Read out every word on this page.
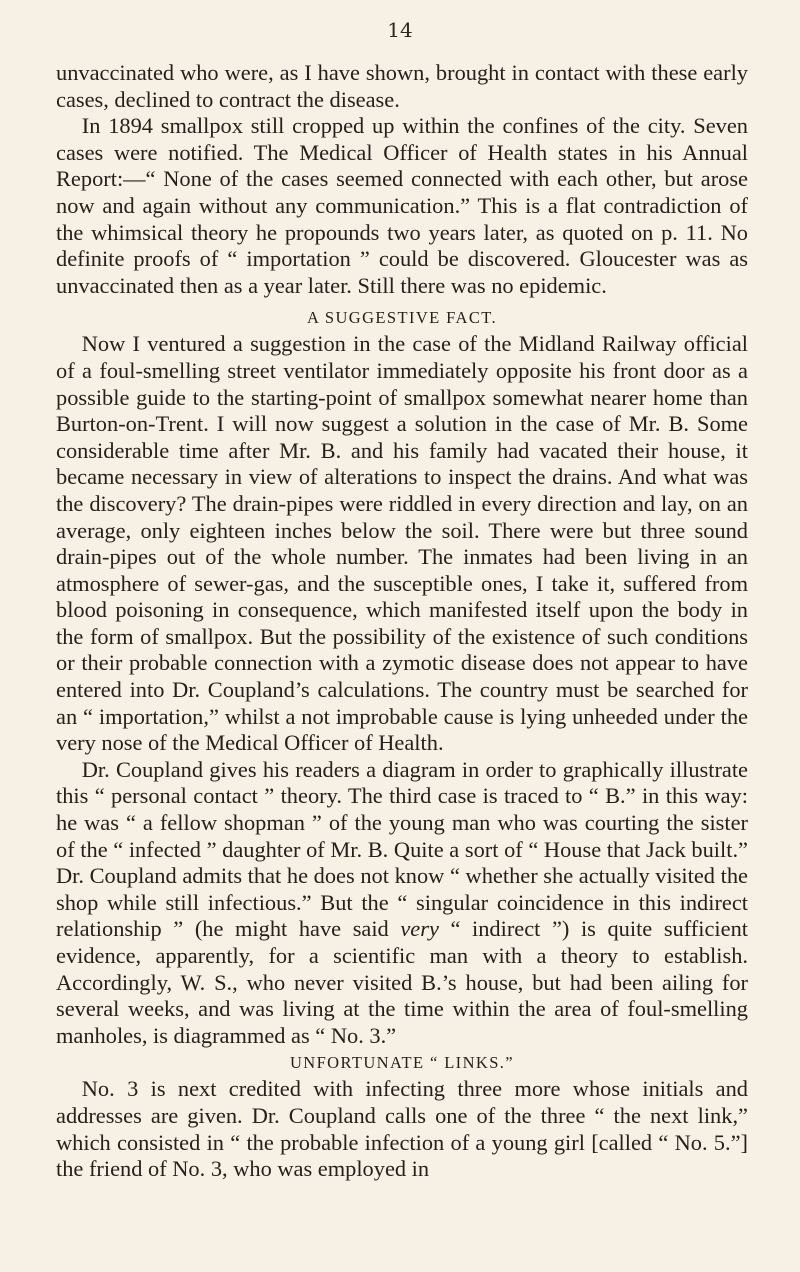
14

unvaccinated who were, as I have shown, brought in contact with these early cases, declined to contract the disease.

In 1894 smallpox still cropped up within the confines of the city. Seven cases were notified. The Medical Officer of Health states in his Annual Report:—“ None of the cases seemed connected with each other, but arose now and again without any communication.” This is a flat contradiction of the whimsical theory he propounds two years later, as quoted on p. 11. No definite proofs of “ importation ” could be discovered. Gloucester was as unvaccinated then as a year later. Still there was no epidemic.

A SUGGESTIVE FACT.

Now I ventured a suggestion in the case of the Midland Railway official of a foul-smelling street ventilator immediately opposite his front door as a possible guide to the starting-point of smallpox somewhat nearer home than Burton-on-Trent. I will now suggest a solution in the case of Mr. B. Some considerable time after Mr. B. and his family had vacated their house, it became necessary in view of alterations to inspect the drains. And what was the discovery? The drain-pipes were riddled in every direction and lay, on an average, only eighteen inches below the soil. There were but three sound drain-pipes out of the whole number. The inmates had been living in an atmosphere of sewer-gas, and the susceptible ones, I take it, suffered from blood poisoning in consequence, which manifested itself upon the body in the form of smallpox. But the possibility of the existence of such conditions or their probable connection with a zymotic disease does not appear to have entered into Dr. Coupland’s calculations. The country must be searched for an “ importation,” whilst a not improbable cause is lying unheeded under the very nose of the Medical Officer of Health.

Dr. Coupland gives his readers a diagram in order to graphically illustrate this “ personal contact ” theory. The third case is traced to “ B.” in this way: he was “ a fellow shopman ” of the young man who was courting the sister of the “ infected ” daughter of Mr. B. Quite a sort of “ House that Jack built.” Dr. Coupland admits that he does not know “ whether she actually visited the shop while still infectious.” But the “ singular coincidence in this indirect relationship ” (he might have said very “ indirect ”) is quite sufficient evidence, apparently, for a scientific man with a theory to establish. Accordingly, W. S., who never visited B.’s house, but had been ailing for several weeks, and was living at the time within the area of foul-smelling manholes, is diagrammed as “ No. 3.”

UNFORTUNATE “ LINKS.”

No. 3 is next credited with infecting three more whose initials and addresses are given. Dr. Coupland calls one of the three “ the next link,” which consisted in “ the probable infection of a young girl [called “ No. 5.”] the friend of No. 3, who was employed in
